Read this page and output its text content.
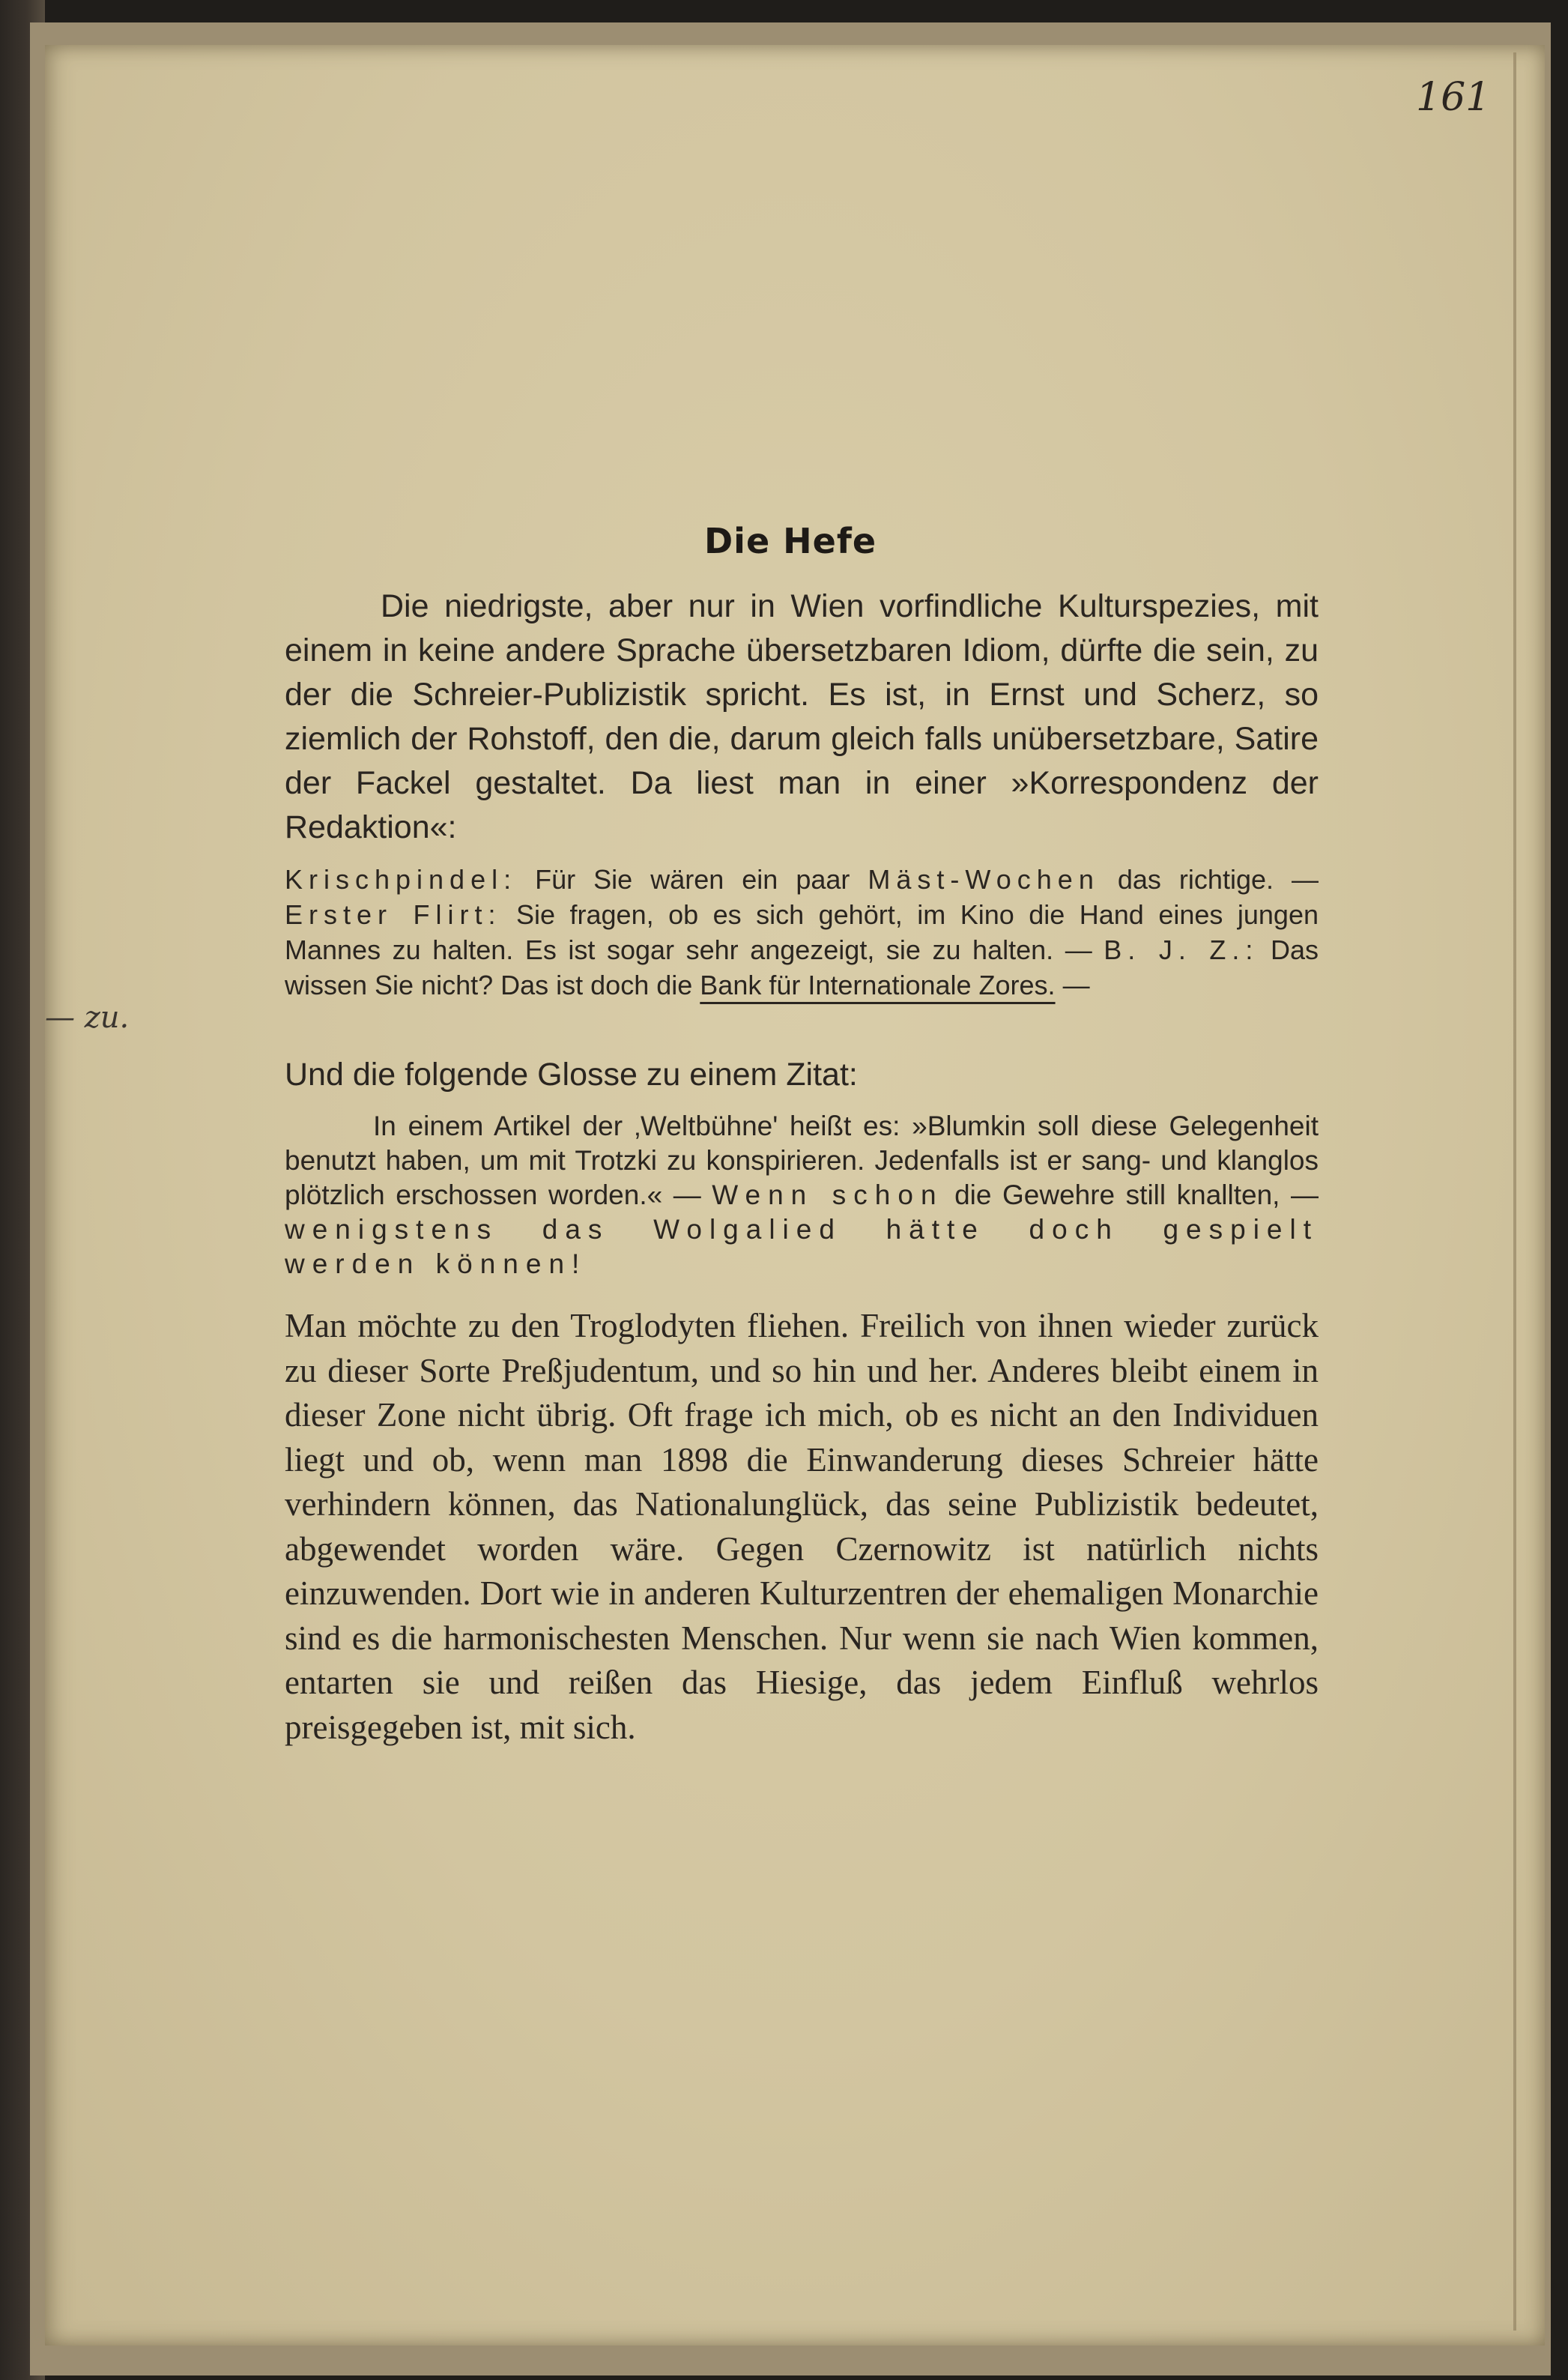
161
— zu.
Die Hefe
Die niedrigste, aber nur in Wien vorfindliche Kulturspezies, mit einem in keine andere Sprache übersetzbaren Idiom, dürfte die sein, zu der die Schreier-Publizistik spricht. Es ist, in Ernst und Scherz, so ziemlich der Rohstoff, den die, darum gleich falls unübersetzbare, Satire der Fackel gestaltet. Da liest man in einer »Korrespondenz der Redaktion«:
Krischpindel: Für Sie wären ein paar Mäst-Wochen das richtige. — Erster Flirt: Sie fragen, ob es sich gehört, im Kino die Hand eines jungen Mannes zu halten. Es ist sogar sehr angezeigt, sie zu halten. — B. J. Z.: Das wissen Sie nicht? Das ist doch die Bank für Internationale Zores. —
Und die folgende Glosse zu einem Zitat:
In einem Artikel der ‚Weltbühne' heißt es: »Blumkin soll diese Gelegenheit benutzt haben, um mit Trotzki zu konspirieren. Jedenfalls ist er sang- und klanglos plötzlich erschossen worden.« — Wenn schon die Gewehre still knallten, — wenigstens das Wolgalied hätte doch gespielt werden können!
Man möchte zu den Troglodyten fliehen. Freilich von ihnen wieder zurück zu dieser Sorte Preßjudentum, und so hin und her. Anderes bleibt einem in dieser Zone nicht übrig. Oft frage ich mich, ob es nicht an den Individuen liegt und ob, wenn man 1898 die Einwanderung dieses Schreier hätte verhindern können, das Nationalunglück, das seine Publizistik bedeutet, abgewendet worden wäre. Gegen Czernowitz ist natürlich nichts einzuwenden. Dort wie in anderen Kulturzentren der ehemaligen Monarchie sind es die harmonischesten Menschen. Nur wenn sie nach Wien kommen, entarten sie und reißen das Hiesige, das jedem Einfluß wehrlos preisgegeben ist, mit sich.
